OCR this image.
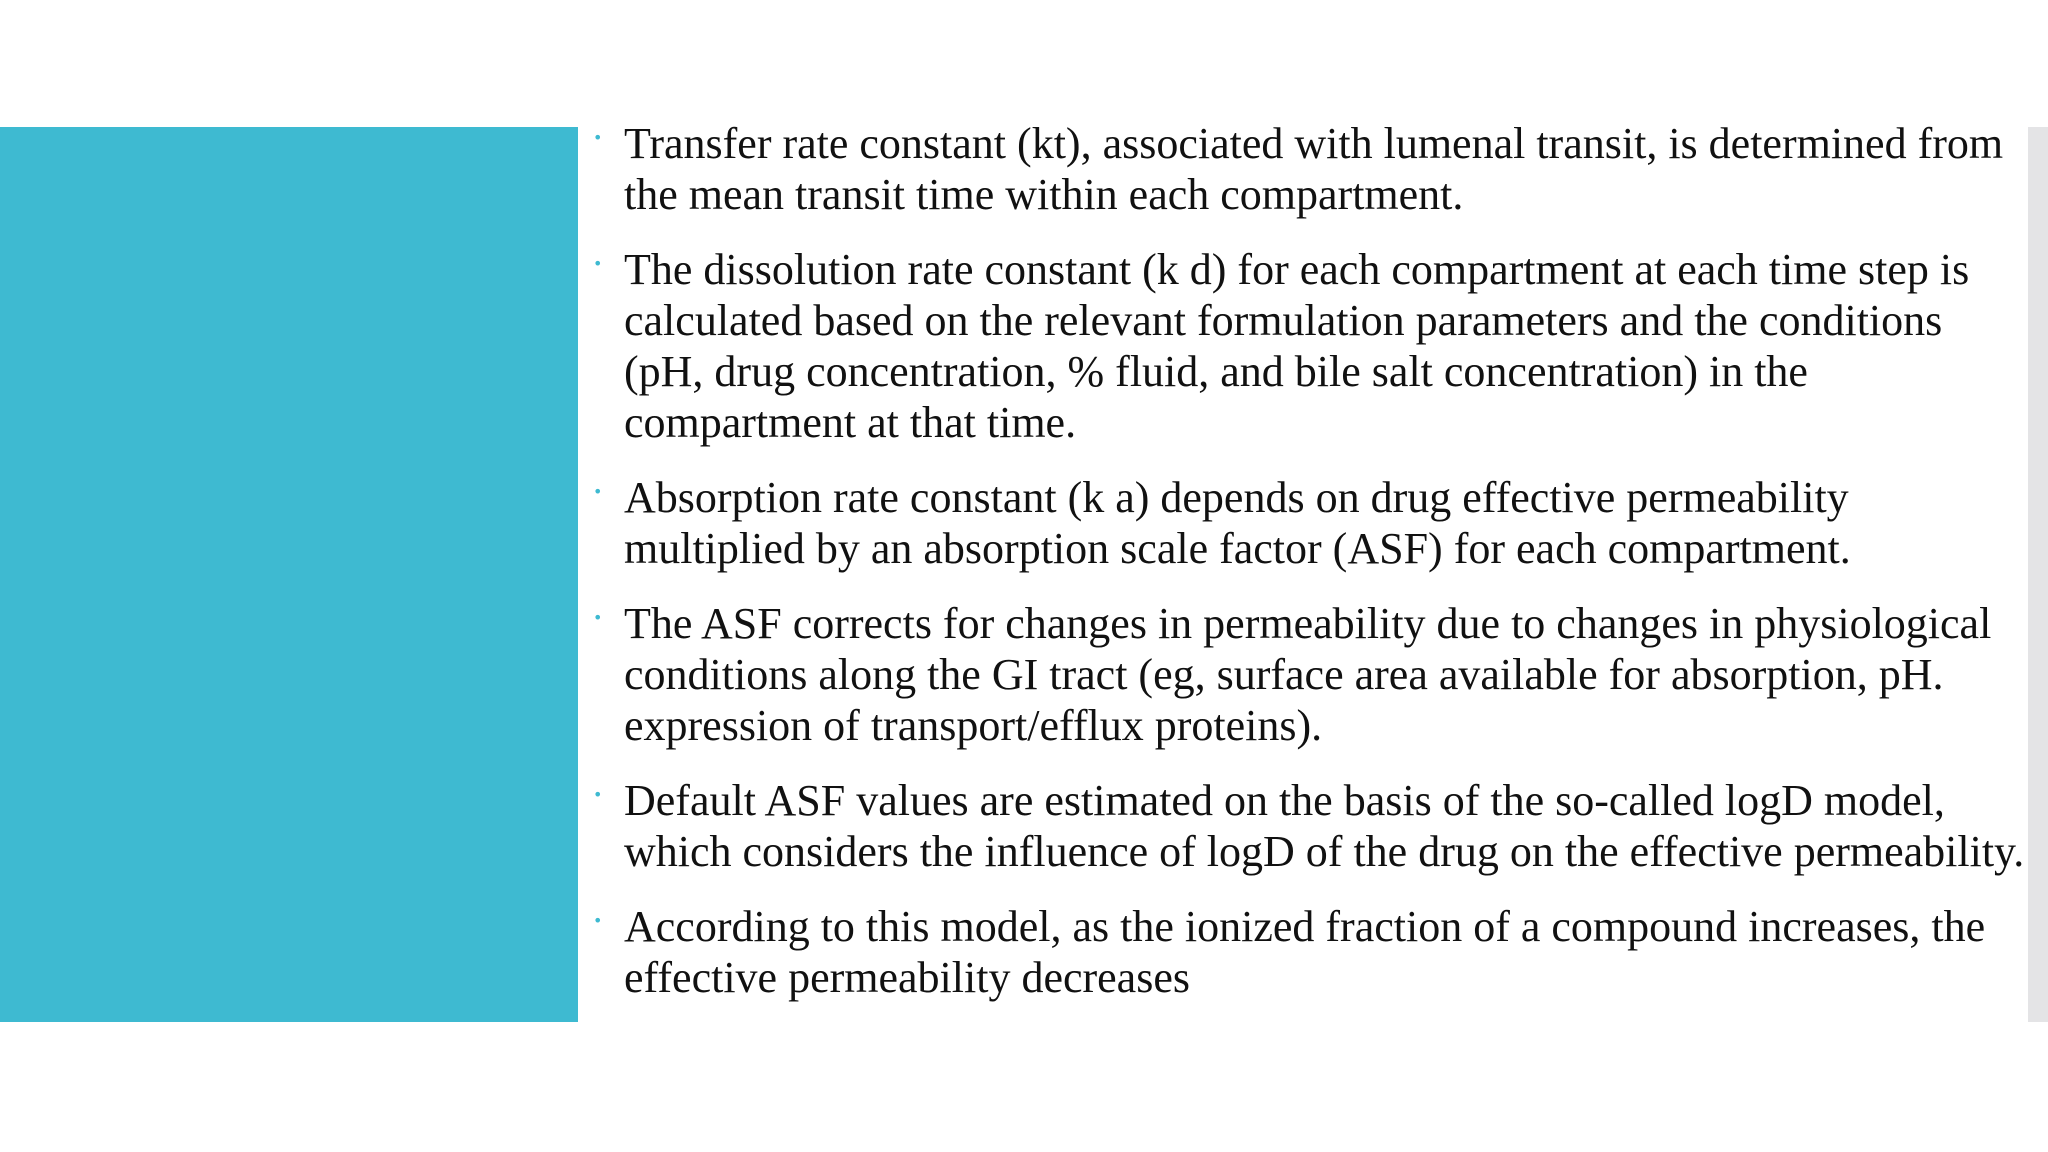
• Transfer rate constant (kt), associated with lumenal transit, is determined from the mean transit time within each compartment.
• The dissolution rate constant (k d) for each compartment at each time step is calculated based on the relevant formulation parameters and the conditions (pH, drug concentration, % fluid, and bile salt concentration) in the compartment at that time.
• Absorption rate constant (k a) depends on drug effective permeability multiplied by an absorption scale factor (ASF) for each compartment.
• The ASF corrects for changes in permeability due to changes in physiological conditions along the GI tract (eg, surface area available for absorption, pH. expression of transport/efflux proteins).
• Default ASF values are estimated on the basis of the so-called logD model, which considers the influence of logD of the drug on the effective permeability.
• According to this model, as the ionized fraction of a compound increases, the effective permeability decreases
